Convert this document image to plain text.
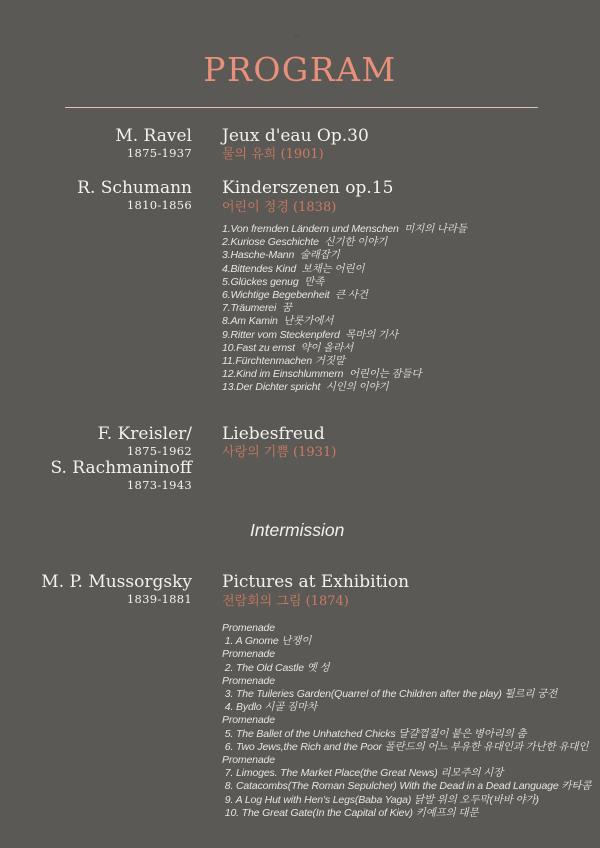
ı·
PROGRAM
M. Ravel
1875-1937
Jeux d'eau Op.30
물의 유희 (1901)
R. Schumann
1810-1856
Kinderszenen op.15
어린이 정경 (1838)
1.Von fremden Ländern und Menschen  미지의 나라들
2.Kuriose Geschichte  신기한 이야기
3.Hasche-Mann  술래잡기
4.Bittendes Kind  보채는 어린이
5.Glückes genug  만족
6.Wichtige Begebenheit  큰 사건
7.Träumerei  꿈
8.Am Kamin  난롯가에서
9.Ritter vom Steckenpferd  목마의 기사
10.Fast zu ernst  약이 올라서
11.Fürchtenmachen 거짓말
12.Kind im Einschlummern  어린이는 잠들다
13.Der Dichter spricht  시인의 이야기
F. Kreisler/
1875-1962
S. Rachmaninoff
1873-1943
Liebesfreud
사랑의 기쁨 (1931)
Intermission
M. P. Mussorgsky
1839-1881
Pictures at Exhibition
전람회의 그림 (1874)
Promenade
1. A Gnome 난쟁이
Promenade
2. The Old Castle 옛 성
Promenade
3. The Tuileries Garden(Quarrel of the Children after the play) 튈르리 궁전
4. Bydlo 시골 짐마차
Promenade
5. The Ballet of the Unhatched Chicks 달걀껍질이 붙은 병아리의 춤
6. Two Jews,the Rich and the Poor 폴란드의 어느 부유한 유대인과 가난한 유대인
Promenade
7. Limoges. The Market Place(the Great News) 리모주의 시장
8. Catacombs(The Roman Sepulcher) With the Dead in a Dead Language 카타콤
9. A Log Hut with Hen's Legs(Baba Yaga) 닭발 위의 오두막(바바 야가)
10. The Great Gate(In the Capital of Kiev) 키예프의 대문
